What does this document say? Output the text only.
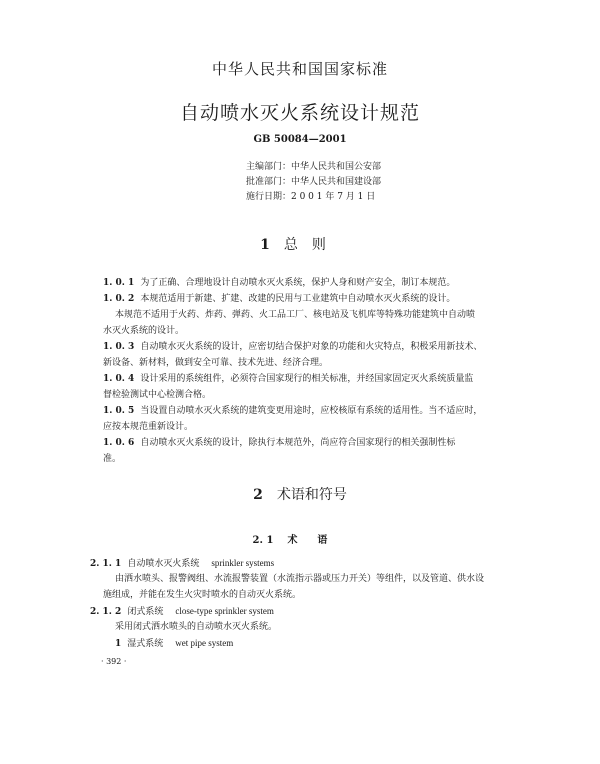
中华人民共和国国家标准
自动喷水灭火系统设计规范
GB 50084—2001
主编部门：中华人民共和国公安部
批准部门：中华人民共和国建设部
施行日期：2 0 0 1 年 7 月 1 日
1 总则
1. 0. 1 为了正确、合理地设计自动喷水灭火系统，保护人身和财产安全，制订本规范。
1. 0. 2 本规范适用于新建、扩建、改建的民用与工业建筑中自动喷水灭火系统的设计。
本规范不适用于火药、炸药、弹药、火工品工厂、核电站及飞机库等特殊功能建筑中自动喷
水灭火系统的设计。
1. 0. 3 自动喷水灭火系统的设计，应密切结合保护对象的功能和火灾特点，积极采用新技术、
新设备、新材料，做到安全可靠、技术先进、经济合理。
1. 0. 4 设计采用的系统组件，必须符合国家现行的相关标准，并经国家固定灭火系统质量监
督检验测试中心检测合格。
1. 0. 5 当设置自动喷水灭火系统的建筑变更用途时，应校核原有系统的适用性。当不适应时，
应按本规范重新设计。
1. 0. 6 自动喷水灭火系统的设计，除执行本规范外，尚应符合国家现行的相关强制性标
准。
2 术语和符号
2. 1 术语
2. 1. 1 自动喷水灭火系统 sprinkler systems
由洒水喷头、报警阀组、水流报警装置（水流指示器或压力开关）等组件，以及管道、供水设
施组成，并能在发生火灾时喷水的自动灭火系统。
2. 1. 2 闭式系统 close-type sprinkler system
采用闭式洒水喷头的自动喷水灭火系统。
1 湿式系统 wet pipe system
· 392 ·
